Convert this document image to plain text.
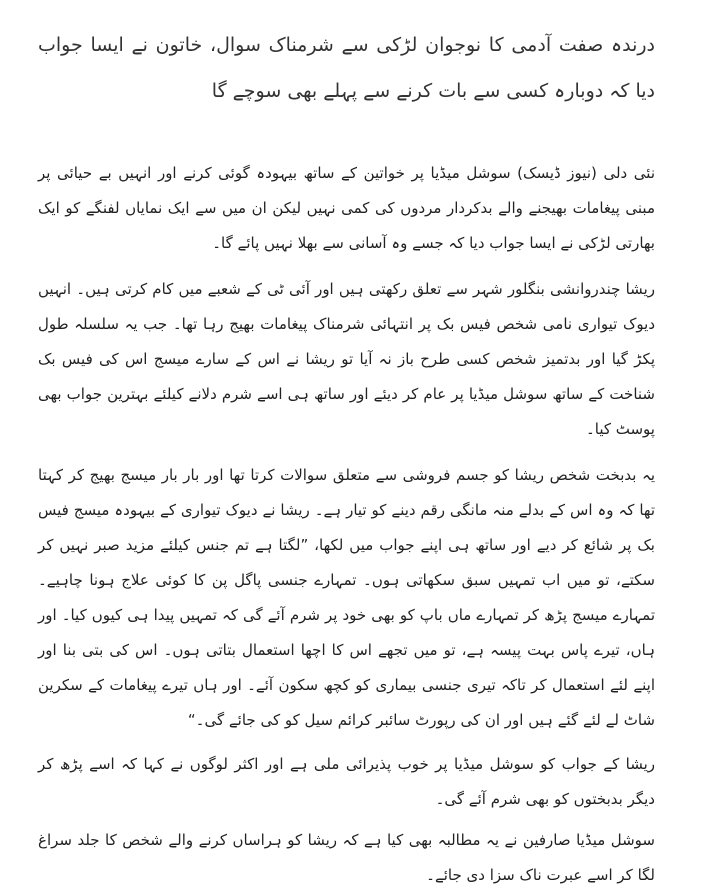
درندہ صفت آدمی کا نوجوان لڑکی سے شرمناک سوال، خاتون نے ایسا جواب دیا کہ دوبارہ کسی سے بات کرنے سے پہلے بھی سوچے گا

نئی دلی (نیوز ڈیسک) سوشل میڈیا پر خواتین کے ساتھ بیہودہ گوئی کرنے اور انہیں بے حیائی پر مبنی پیغامات بھیجنے والے بدکردار مردوں کی کمی نہیں لیکن ان میں سے ایک نمایاں لفنگے کو ایک بھارتی لڑکی نے ایسا جواب دیا کہ جسے وہ آسانی سے بھلا نہیں پائے گا۔

ریشا چندروانشی بنگلور شہر سے تعلق رکھتی ہیں اور آئی ٹی کے شعبے میں کام کرتی ہیں۔ انہیں دیوک تیواری نامی شخص فیس بک پر انتہائی شرمناک پیغامات بھیج رہا تھا۔ جب یہ سلسلہ طول پکڑ گیا اور بدتمیز شخص کسی طرح باز نہ آیا تو ریشا نے اس کے سارے میسج اس کی فیس بک شناخت کے ساتھ سوشل میڈیا پر عام کر دیئے اور ساتھ ہی اسے شرم دلانے کیلئے بہترین جواب بھی پوسٹ کیا۔

یہ بدبخت شخص ریشا کو جسم فروشی سے متعلق سوالات کرتا تھا اور بار بار میسج بھیج کر کہتا تھا کہ وہ اس کے بدلے منہ مانگی رقم دینے کو تیار ہے۔ ریشا نے دیوک تیواری کے بیہودہ میسج فیس بک پر شائع کر دیے اور ساتھ ہی اپنے جواب میں لکھا، ”لگتا ہے تم جنس کیلئے مزید صبر نہیں کر سکتے، تو میں اب تمہیں سبق سکھاتی ہوں۔ تمہارے جنسی پاگل پن کا کوئی علاج ہونا چاہیے۔ تمہارے میسج پڑھ کر تمہارے ماں باپ کو بھی خود پر شرم آئے گی کہ تمہیں پیدا ہی کیوں کیا۔ اور ہاں، تیرے پاس بہت پیسہ ہے، تو میں تجھے اس کا اچھا استعمال بتاتی ہوں۔ اس کی بتی بنا اور اپنے لئے استعمال کر تاکہ تیری جنسی بیماری کو کچھ سکون آئے۔ اور ہاں تیرے پیغامات کے سکرین شاٹ لے لئے گئے ہیں اور ان کی رپورٹ سائبر کرائم سیل کو کی جائے گی۔“

ریشا کے جواب کو سوشل میڈیا پر خوب پذیرائی ملی ہے اور اکثر لوگوں نے کہا کہ اسے پڑھ کر دیگر بدبختوں کو بھی شرم آئے گی۔

سوشل میڈیا صارفین نے یہ مطالبہ بھی کیا ہے کہ ریشا کو ہراساں کرنے والے شخص کا جلد سراغ لگا کر اسے عبرت ناک سزا دی جائے۔
